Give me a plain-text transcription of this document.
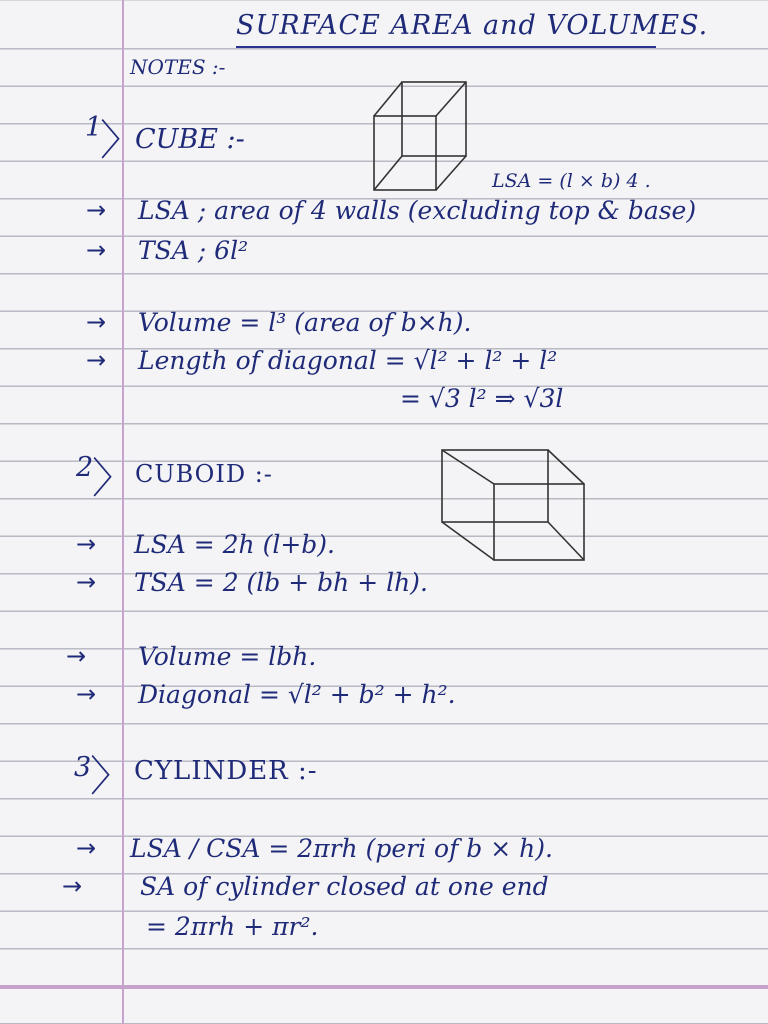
SURFACE AREA and VOLUMES.
NOTES :-
1
〉
CUBE :-
LSA = (l × b) 4 .
→ LSA ; area of 4 walls (excluding top & base)
→ TSA ; 6l²
→ Volume = l³ (area of b×h).
→ Length of diagonal = √l² + l² + l²
= √3 l² ⇒ √3l
2
〉 CUBOID :-
→ LSA = 2h (l+b).
→ TSA = 2 (lb + bh + lh).
→ Volume = lbh.
→ Diagonal = √l² + b² + h².
3
〉 CYLINDER :-
→ LSA / CSA = 2πrh (peri of b × h).
→ SA of cylinder closed at one end
= 2πrh + πr².
